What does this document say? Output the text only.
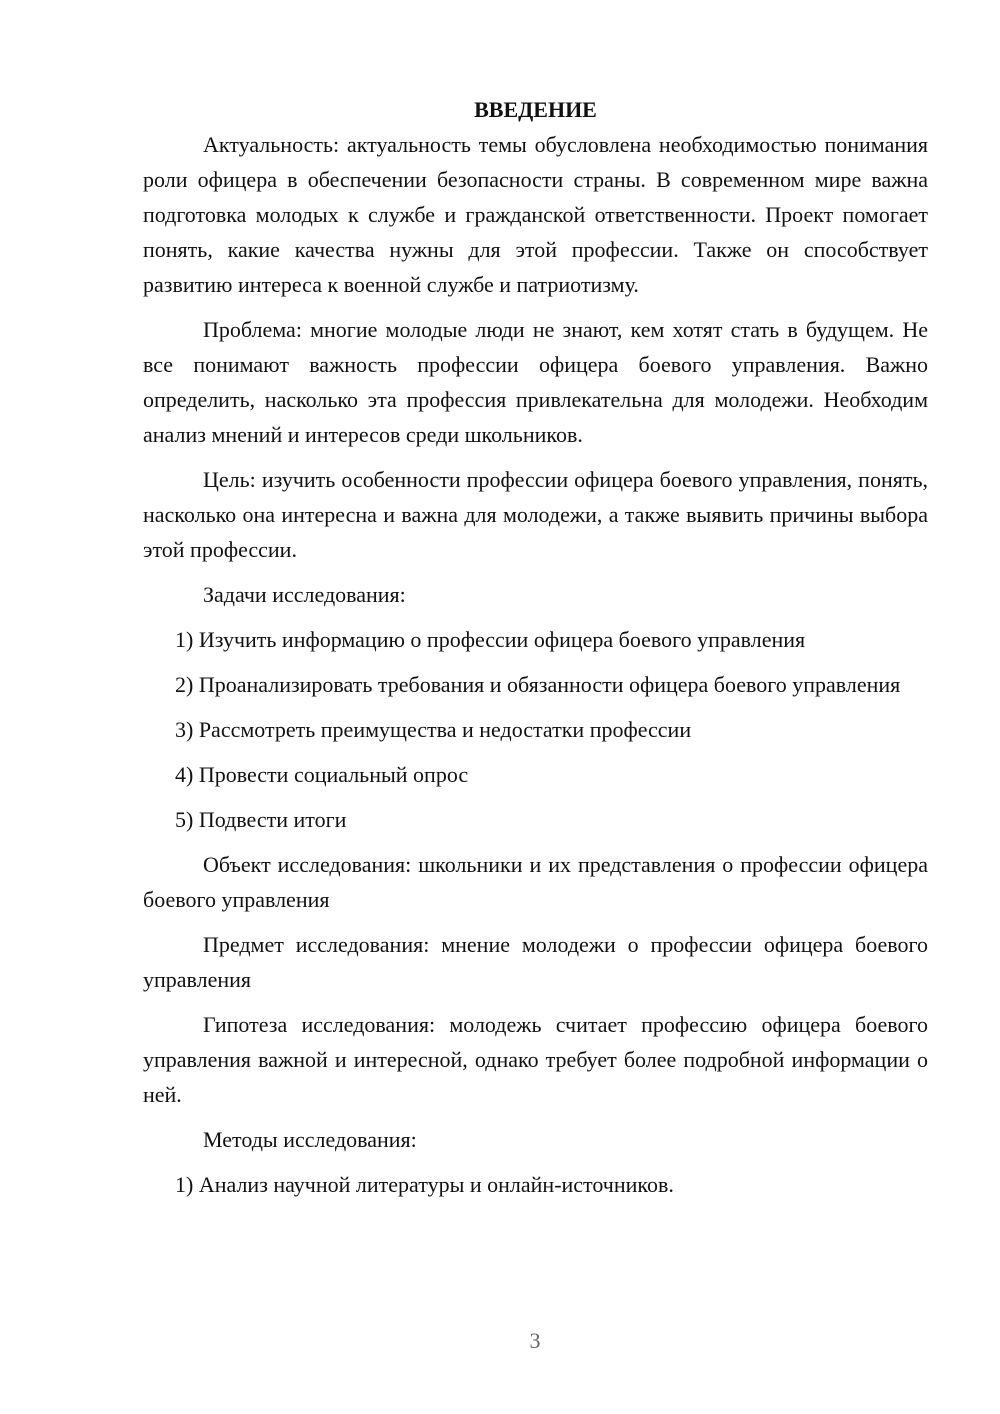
ВВЕДЕНИЕ

Актуальность: актуальность темы обусловлена необходимостью понимания роли офицера в обеспечении безопасности страны. В современном мире важна подготовка молодых к службе и гражданской ответственности. Проект помогает понять, какие качества нужны для этой профессии. Также он способствует развитию интереса к военной службе и патриотизму.

Проблема: многие молодые люди не знают, кем хотят стать в будущем. Не все понимают важность профессии офицера боевого управления. Важно определить, насколько эта профессия привлекательна для молодежи. Необходим анализ мнений и интересов среди школьников.

Цель: изучить особенности профессии офицера боевого управления, понять, насколько она интересна и важна для молодежи, а также выявить причины выбора этой профессии.

Задачи исследования:

1) Изучить информацию о профессии офицера боевого управления

2) Проанализировать требования и обязанности офицера боевого управления

3) Рассмотреть преимущества и недостатки профессии

4) Провести социальный опрос

5) Подвести итоги

Объект исследования: школьники и их представления о профессии офицера боевого управления

Предмет исследования: мнение молодежи о профессии офицера боевого управления

Гипотеза исследования: молодежь считает профессию офицера боевого управления важной и интересной, однако требует более подробной информации о ней.

Методы исследования:

1) Анализ научной литературы и онлайн-источников.

3
